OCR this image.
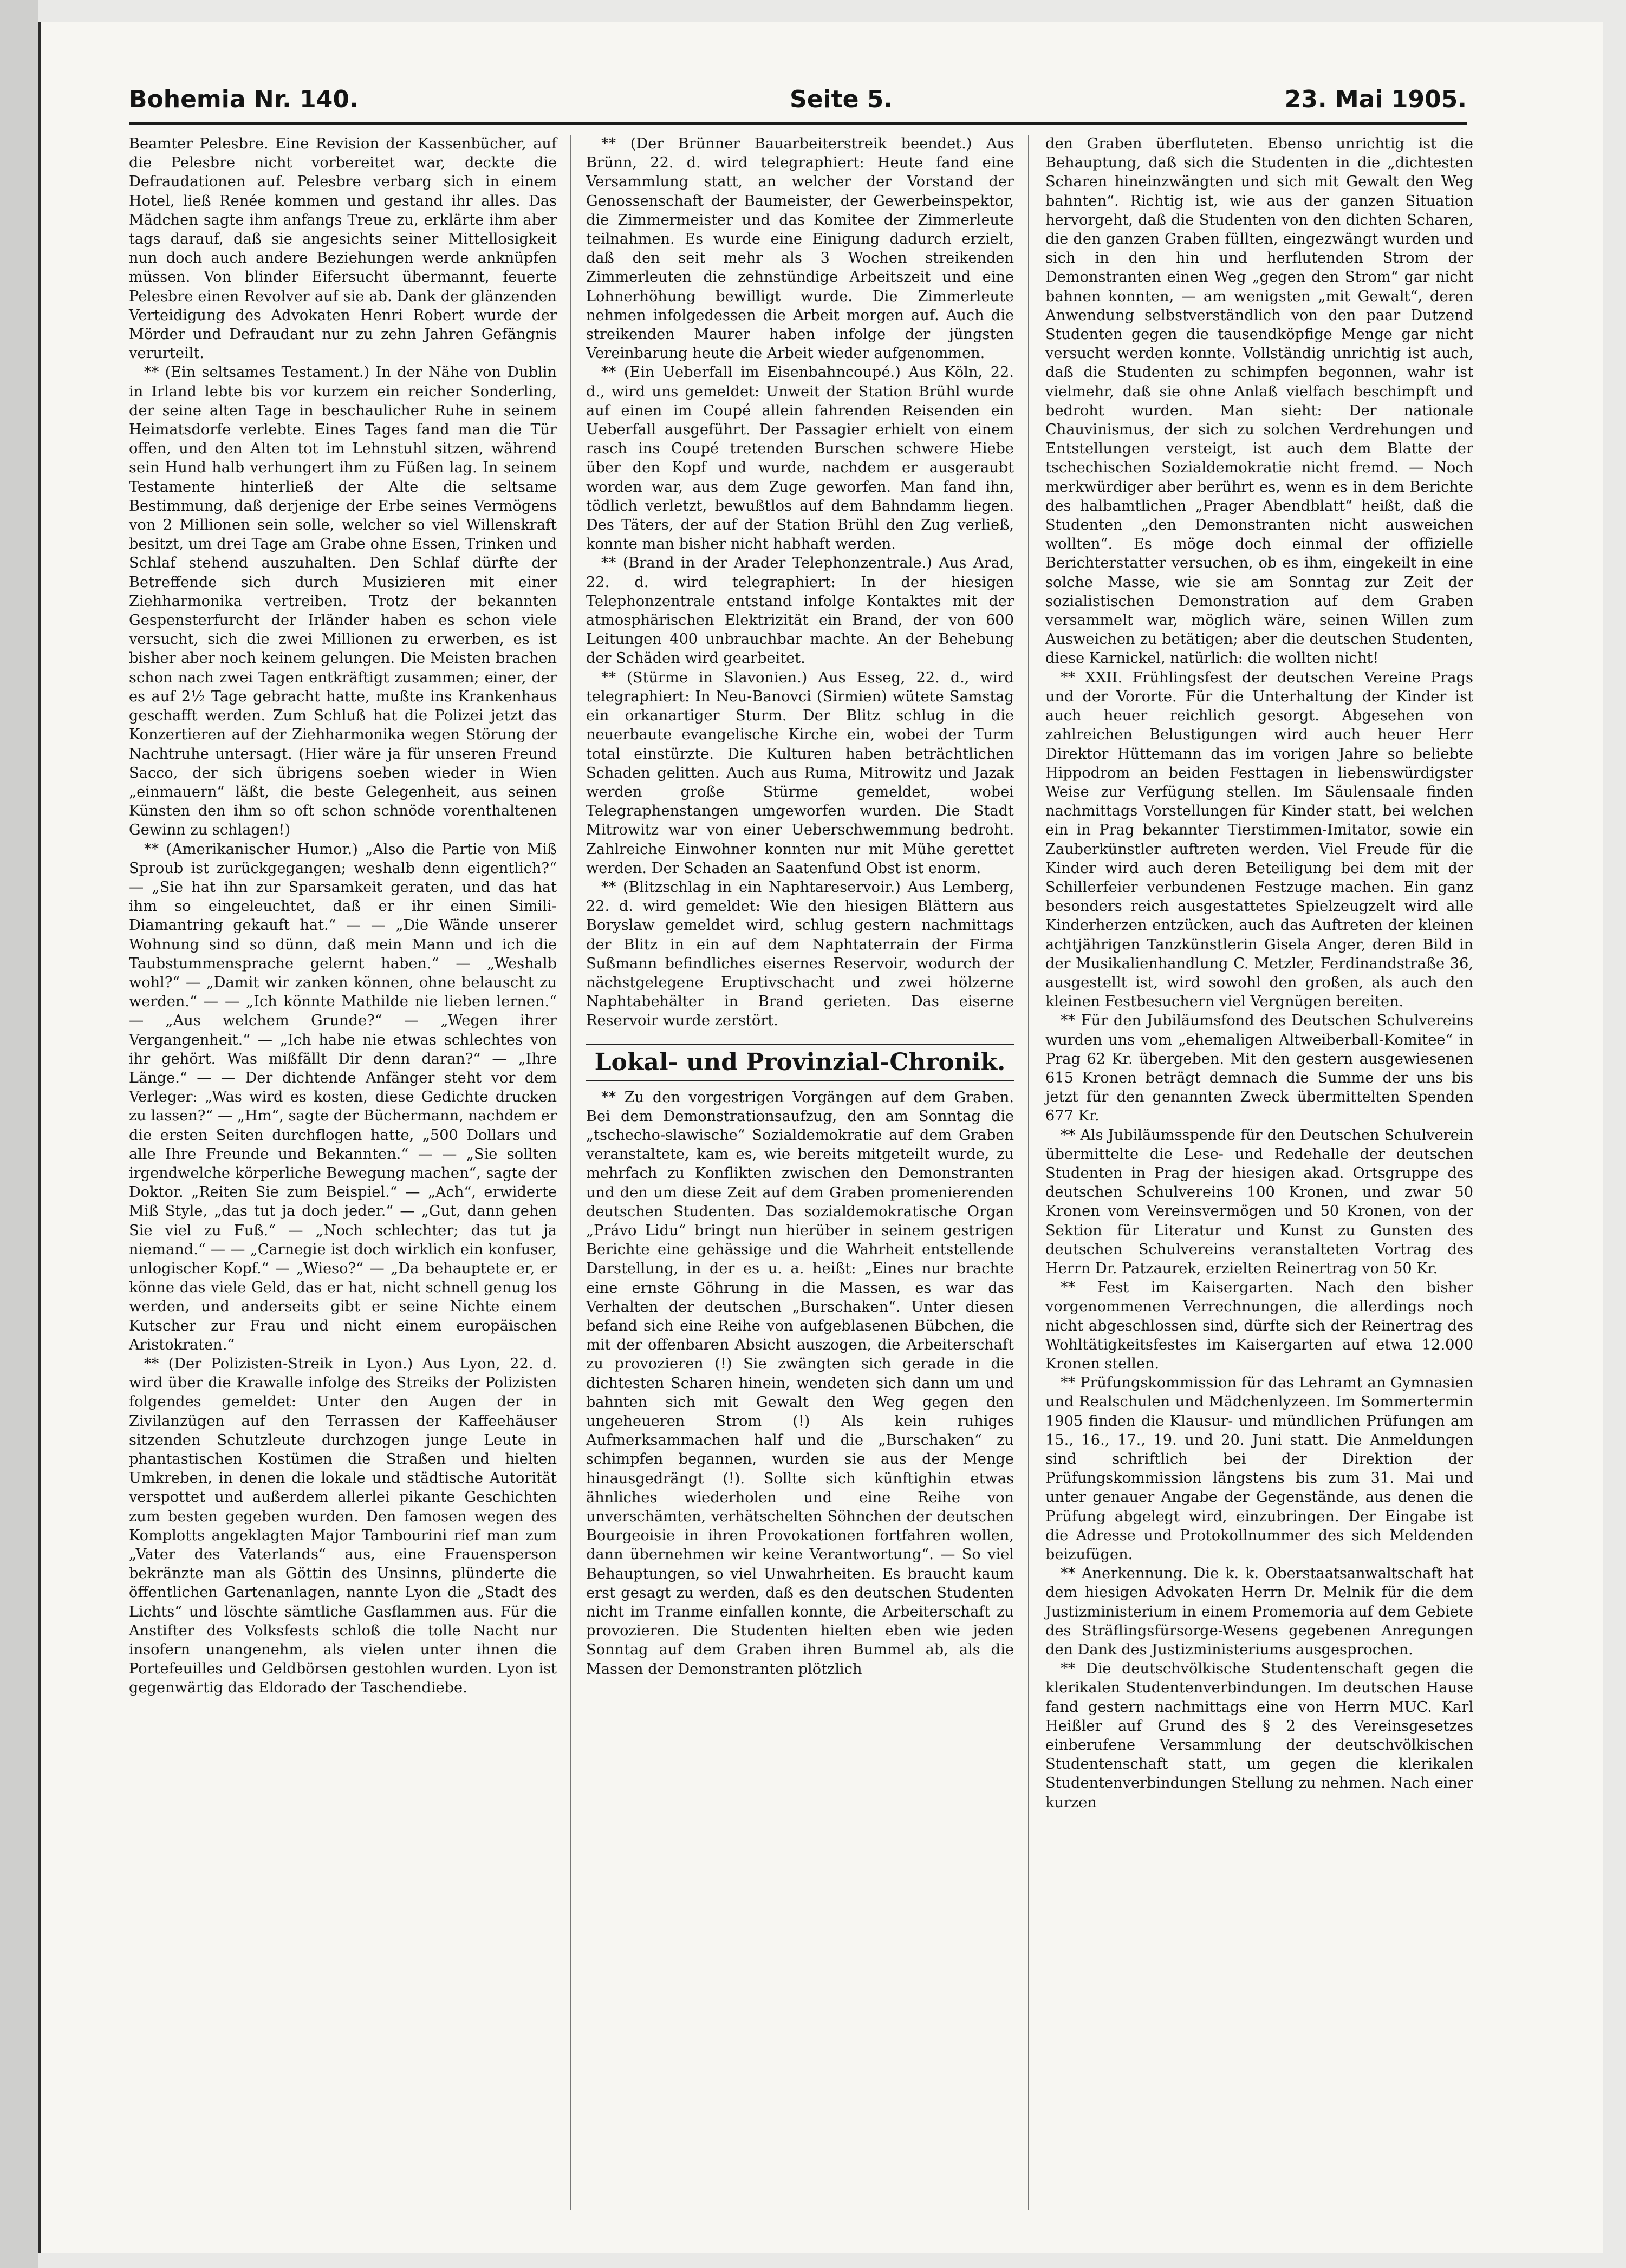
Bohemia Nr. 140.	Seite 5.	23. Mai 1905.

Beamter Pelesbre. Eine Revision der Kassenbücher, auf die Pelesbre nicht vorbereitet war, deckte die Defraudationen auf. Pelesbre verbarg sich in einem Hotel, ließ Renée kommen und gestand ihr alles. Das Mädchen sagte ihm anfangs Treue zu, erklärte ihm aber tags darauf, daß sie angesichts seiner Mittellosigkeit nun doch auch andere Beziehungen werde anknüpfen müssen. Von blinder Eifersucht übermannt, feuerte Pelesbre einen Revolver auf sie ab. Dank der glänzenden Verteidigung des Advokaten Henri Robert wurde der Mörder und Defraudant nur zu zehn Jahren Gefängnis verurteilt.

** (Ein seltsames Testament.) In der Nähe von Dublin in Irland lebte bis vor kurzem ein reicher Sonderling, der seine alten Tage in beschaulicher Ruhe in seinem Heimatsdorfe verlebte. Eines Tages fand man die Tür offen, und den Alten tot im Lehnstuhl sitzen, während sein Hund halb verhungert ihm zu Füßen lag. In seinem Testamente hinterließ der Alte die seltsame Bestimmung, daß derjenige der Erbe seines Vermögens von 2 Millionen sein solle, welcher so viel Willenskraft besitzt, um drei Tage am Grabe ohne Essen, Trinken und Schlaf stehend auszuhalten. Den Schlaf dürfte der Betreffende sich durch Musizieren mit einer Ziehharmonika vertreiben. Trotz der bekannten Gespensterfurcht der Irländer haben es schon viele versucht, sich die zwei Millionen zu erwerben, es ist bisher aber noch keinem gelungen. Die Meisten brachen schon nach zwei Tagen entkräftigt zusammen; einer, der es auf 2½ Tage gebracht hatte, mußte ins Krankenhaus geschafft werden. Zum Schluß hat die Polizei jetzt das Konzertieren auf der Ziehharmonika wegen Störung der Nachtruhe untersagt. (Hier wäre ja für unseren Freund Sacco, der sich übrigens soeben wieder in Wien „einmauern“ läßt, die beste Gelegenheit, aus seinen Künsten den ihm so oft schon schnöde vorenthaltenen Gewinn zu schlagen!)

** (Amerikanischer Humor.) „Also die Partie von Miß Sproub ist zurückgegangen; weshalb denn eigentlich?“ — „Sie hat ihn zur Sparsamkeit geraten, und das hat ihm so eingeleuchtet, daß er ihr einen Simili-Diamantring gekauft hat.“ — — „Die Wände unserer Wohnung sind so dünn, daß mein Mann und ich die Taubstummensprache gelernt haben.“ — „Weshalb wohl?“ — „Damit wir zanken können, ohne belauscht zu werden.“ — — „Ich könnte Mathilde nie lieben lernen.“ — „Aus welchem Grunde?“ — „Wegen ihrer Vergangenheit.“ — „Ich habe nie etwas schlechtes von ihr gehört. Was mißfällt Dir denn daran?“ — „Ihre Länge.“ — — Der dichtende Anfänger steht vor dem Verleger: „Was wird es kosten, diese Gedichte drucken zu lassen?“ — „Hm“, sagte der Büchermann, nachdem er die ersten Seiten durchflogen hatte, „500 Dollars und alle Ihre Freunde und Bekannten.“ — — „Sie sollten irgendwelche körperliche Bewegung machen“, sagte der Doktor. „Reiten Sie zum Beispiel.“ — „Ach“, erwiderte Miß Style, „das tut ja doch jeder.“ — „Gut, dann gehen Sie viel zu Fuß.“ — „Noch schlechter; das tut ja niemand.“ — — „Carnegie ist doch wirklich ein konfuser, unlogischer Kopf.“ — „Wieso?“ — „Da behauptete er, er könne das viele Geld, das er hat, nicht schnell genug los werden, und anderseits gibt er seine Nichte einem Kutscher zur Frau und nicht einem europäischen Aristokraten.“

** (Der Polizisten-Streik in Lyon.) Aus Lyon, 22. d. wird über die Krawalle infolge des Streiks der Polizisten folgendes gemeldet: Unter den Augen der in Zivilanzügen auf den Terrassen der Kaffeehäuser sitzenden Schutzleute durchzogen junge Leute in phantastischen Kostümen die Straßen und hielten Umkreben, in denen die lokale und städtische Autorität verspottet und außerdem allerlei pikante Geschichten zum besten gegeben wurden. Den famosen wegen des Komplotts angeklagten Major Tambourini rief man zum „Vater des Vaterlands“ aus, eine Frauensperson bekränzte man als Göttin des Unsinns, plünderte die öffentlichen Gartenanlagen, nannte Lyon die „Stadt des Lichts“ und löschte sämtliche Gasflammen aus. Für die Anstifter des Volksfests schloß die tolle Nacht nur insofern unangenehm, als vielen unter ihnen die Portefeuilles und Geldbörsen gestohlen wurden. Lyon ist gegenwärtig das Eldorado der Taschendiebe.

** (Der Brünner Bauarbeiterstreik beendet.) Aus Brünn, 22. d. wird telegraphiert: Heute fand eine Versammlung statt, an welcher der Vorstand der Genossenschaft der Baumeister, der Gewerbeinspektor, die Zimmermeister und das Komitee der Zimmerleute teilnahmen. Es wurde eine Einigung dadurch erzielt, daß den seit mehr als 3 Wochen streikenden Zimmerleuten die zehnstündige Arbeitszeit und eine Lohnerhöhung bewilligt wurde. Die Zimmerleute nehmen infolgedessen die Arbeit morgen auf. Auch die streikenden Maurer haben infolge der jüngsten Vereinbarung heute die Arbeit wieder aufgenommen.

** (Ein Ueberfall im Eisenbahncoupé.) Aus Köln, 22. d., wird uns gemeldet: Unweit der Station Brühl wurde auf einen im Coupé allein fahrenden Reisenden ein Ueberfall ausgeführt. Der Passagier erhielt von einem rasch ins Coupé tretenden Burschen schwere Hiebe über den Kopf und wurde, nachdem er ausgeraubt worden war, aus dem Zuge geworfen. Man fand ihn, tödlich verletzt, bewußtlos auf dem Bahndamm liegen. Des Täters, der auf der Station Brühl den Zug verließ, konnte man bisher nicht habhaft werden.

** (Brand in der Arader Telephonzentrale.) Aus Arad, 22. d. wird telegraphiert: In der hiesigen Telephonzentrale entstand infolge Kontaktes mit der atmosphärischen Elektrizität ein Brand, der von 600 Leitungen 400 unbrauchbar machte. An der Behebung der Schäden wird gearbeitet.

** (Stürme in Slavonien.) Aus Esseg, 22. d., wird telegraphiert: In Neu-Banovci (Sirmien) wütete Samstag ein orkanartiger Sturm. Der Blitz schlug in die neuerbaute evangelische Kirche ein, wobei der Turm total einstürzte. Die Kulturen haben beträchtlichen Schaden gelitten. Auch aus Ruma, Mitrowitz und Jazak werden große Stürme gemeldet, wobei Telegraphenstangen umgeworfen wurden. Die Stadt Mitrowitz war von einer Ueberschwemmung bedroht. Zahlreiche Einwohner konnten nur mit Mühe gerettet werden. Der Schaden an Saatenfund Obst ist enorm.

** (Blitzschlag in ein Naphtareservoir.) Aus Lemberg, 22. d. wird gemeldet: Wie den hiesigen Blättern aus Boryslaw gemeldet wird, schlug gestern nachmittags der Blitz in ein auf dem Naphtaterrain der Firma Sußmann befindliches eisernes Reservoir, wodurch der nächstgelegene Eruptivschacht und zwei hölzerne Naphtabehälter in Brand gerieten. Das eiserne Reservoir wurde zerstört.

Lokal- und Provinzial-Chronik.

** Zu den vorgestrigen Vorgängen auf dem Graben. Bei dem Demonstrationsaufzug, den am Sonntag die „tschecho-slawische“ Sozialdemokratie auf dem Graben veranstaltete, kam es, wie bereits mitgeteilt wurde, zu mehrfach zu Konflikten zwischen den Demonstranten und den um diese Zeit auf dem Graben promenierenden deutschen Studenten. Das sozialdemokratische Organ „Právo Lidu“ bringt nun hierüber in seinem gestrigen Berichte eine gehässige und die Wahrheit entstellende Darstellung, in der es u. a. heißt: „Eines nur brachte eine ernste Göhrung in die Massen, es war das Verhalten der deutschen „Burschaken“. Unter diesen befand sich eine Reihe von aufgeblasenen Bübchen, die mit der offenbaren Absicht auszogen, die Arbeiterschaft zu provozieren (!) Sie zwängten sich gerade in die dichtesten Scharen hinein, wendeten sich dann um und bahnten sich mit Gewalt den Weg gegen den ungeheueren Strom (!) Als kein ruhiges Aufmerksammachen half und die „Burschaken“ zu schimpfen begannen, wurden sie aus der Menge hinausgedrängt (!). Sollte sich künftighin etwas ähnliches wiederholen und eine Reihe von unverschämten, verhätschelten Söhnchen der deutschen Bourgeoisie in ihren Provokationen fortfahren wollen, dann übernehmen wir keine Verantwortung“. — So viel Behauptungen, so viel Unwahrheiten. Es braucht kaum erst gesagt zu werden, daß es den deutschen Studenten nicht im Tranme einfallen konnte, die Arbeiterschaft zu provozieren. Die Studenten hielten eben wie jeden Sonntag auf dem Graben ihren Bummel ab, als die Massen der Demonstranten plötzlich

den Graben überfluteten. Ebenso unrichtig ist die Behauptung, daß sich die Studenten in die „dichtesten Scharen hineinzwängten und sich mit Gewalt den Weg bahnten“. Richtig ist, wie aus der ganzen Situation hervorgeht, daß die Studenten von den dichten Scharen, die den ganzen Graben füllten, eingezwängt wurden und sich in den hin und herflutenden Strom der Demonstranten einen Weg „gegen den Strom“ gar nicht bahnen konnten, — am wenigsten „mit Gewalt“, deren Anwendung selbstverständlich von den paar Dutzend Studenten gegen die tausendköpfige Menge gar nicht versucht werden konnte. Vollständig unrichtig ist auch, daß die Studenten zu schimpfen begonnen, wahr ist vielmehr, daß sie ohne Anlaß vielfach beschimpft und bedroht wurden. Man sieht: Der nationale Chauvinismus, der sich zu solchen Verdrehungen und Entstellungen versteigt, ist auch dem Blatte der tschechischen Sozialdemokratie nicht fremd. — Noch merkwürdiger aber berührt es, wenn es in dem Berichte des halbamtlichen „Prager Abendblatt“ heißt, daß die Studenten „den Demonstranten nicht ausweichen wollten“. Es möge doch einmal der offizielle Berichterstatter versuchen, ob es ihm, eingekeilt in eine solche Masse, wie sie am Sonntag zur Zeit der sozialistischen Demonstration auf dem Graben versammelt war, möglich wäre, seinen Willen zum Ausweichen zu betätigen; aber die deutschen Studenten, diese Karnickel, natürlich: die wollten nicht!

** XXII. Frühlingsfest der deutschen Vereine Prags und der Vororte. Für die Unterhaltung der Kinder ist auch heuer reichlich gesorgt. Abgesehen von zahlreichen Belustigungen wird auch heuer Herr Direktor Hüttemann das im vorigen Jahre so beliebte Hippodrom an beiden Festtagen in liebenswürdigster Weise zur Verfügung stellen. Im Säulensaale finden nachmittags Vorstellungen für Kinder statt, bei welchen ein in Prag bekannter Tierstimmen-Imitator, sowie ein Zauberkünstler auftreten werden. Viel Freude für die Kinder wird auch deren Beteiligung bei dem mit der Schillerfeier verbundenen Festzuge machen. Ein ganz besonders reich ausgestattetes Spielzeugzelt wird alle Kinderherzen entzücken, auch das Auftreten der kleinen achtjährigen Tanzkünstlerin Gisela Anger, deren Bild in der Musikalienhandlung C. Metzler, Ferdinandstraße 36, ausgestellt ist, wird sowohl den großen, als auch den kleinen Festbesuchern viel Vergnügen bereiten.

** Für den Jubiläumsfond des Deutschen Schulvereins wurden uns vom „ehemaligen Altweiberball-Komitee“ in Prag 62 Kr. übergeben. Mit den gestern ausgewiesenen 615 Kronen beträgt demnach die Summe der uns bis jetzt für den genannten Zweck übermittelten Spenden 677 Kr.

** Als Jubiläumsspende für den Deutschen Schulverein übermittelte die Lese- und Redehalle der deutschen Studenten in Prag der hiesigen akad. Ortsgruppe des deutschen Schulvereins 100 Kronen, und zwar 50 Kronen vom Vereinsvermögen und 50 Kronen, von der Sektion für Literatur und Kunst zu Gunsten des deutschen Schulvereins veranstalteten Vortrag des Herrn Dr. Patzaurek, erzielten Reinertrag von 50 Kr.

** Fest im Kaisergarten. Nach den bisher vorgenommenen Verrechnungen, die allerdings noch nicht abgeschlossen sind, dürfte sich der Reinertrag des Wohltätigkeitsfestes im Kaisergarten auf etwa 12.000 Kronen stellen.

** Prüfungskommission für das Lehramt an Gymnasien und Realschulen und Mädchenlyzeen. Im Sommertermin 1905 finden die Klausur- und mündlichen Prüfungen am 15., 16., 17., 19. und 20. Juni statt. Die Anmeldungen sind schriftlich bei der Direktion der Prüfungskommission längstens bis zum 31. Mai und unter genauer Angabe der Gegenstände, aus denen die Prüfung abgelegt wird, einzubringen. Der Eingabe ist die Adresse und Protokollnummer des sich Meldenden beizufügen.

** Anerkennung. Die k. k. Oberstaatsanwaltschaft hat dem hiesigen Advokaten Herrn Dr. Melnik für die dem Justizministerium in einem Promemoria auf dem Gebiete des Sträflingsfürsorge-Wesens gegebenen Anregungen den Dank des Justizministeriums ausgesprochen.

** Die deutschvölkische Studentenschaft gegen die klerikalen Studentenverbindungen. Im deutschen Hause fand gestern nachmittags eine von Herrn MUC. Karl Heißler auf Grund des § 2 des Vereinsgesetzes einberufene Versammlung der deutschvölkischen Studentenschaft statt, um gegen die klerikalen Studentenverbindungen Stellung zu nehmen. Nach einer kurzen
